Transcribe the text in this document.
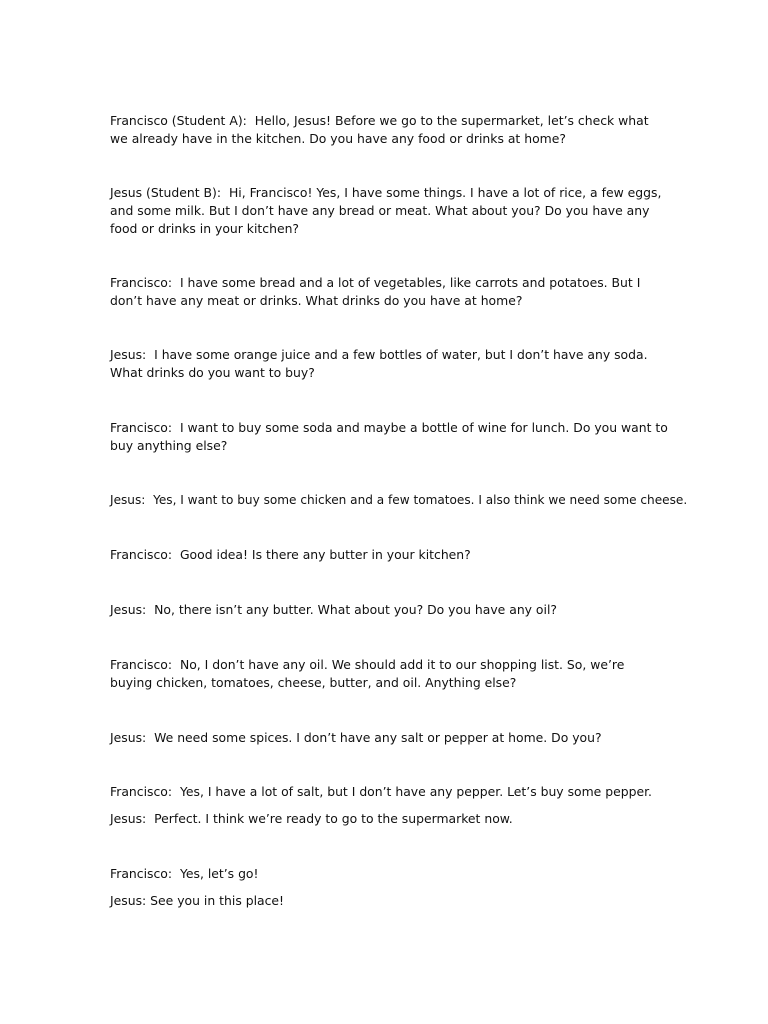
Francisco (Student A): Hello, Jesus! Before we go to the supermarket, let’s check what we already have in the kitchen. Do you have any food or drinks at home?

Jesus (Student B): Hi, Francisco! Yes, I have some things. I have a lot of rice, a few eggs, and some milk. But I don’t have any bread or meat. What about you? Do you have any food or drinks in your kitchen?

Francisco: I have some bread and a lot of vegetables, like carrots and potatoes. But I don’t have any meat or drinks. What drinks do you have at home?

Jesus: I have some orange juice and a few bottles of water, but I don’t have any soda. What drinks do you want to buy?

Francisco: I want to buy some soda and maybe a bottle of wine for lunch. Do you want to buy anything else?

Jesus: Yes, I want to buy some chicken and a few tomatoes. I also think we need some cheese.

Francisco: Good idea! Is there any butter in your kitchen?

Jesus: No, there isn’t any butter. What about you? Do you have any oil?

Francisco: No, I don’t have any oil. We should add it to our shopping list. So, we’re buying chicken, tomatoes, cheese, butter, and oil. Anything else?

Jesus: We need some spices. I don’t have any salt or pepper at home. Do you?

Francisco: Yes, I have a lot of salt, but I don’t have any pepper. Let’s buy some pepper.

Jesus: Perfect. I think we’re ready to go to the supermarket now.

Francisco: Yes, let’s go!

Jesus: See you in this place!
